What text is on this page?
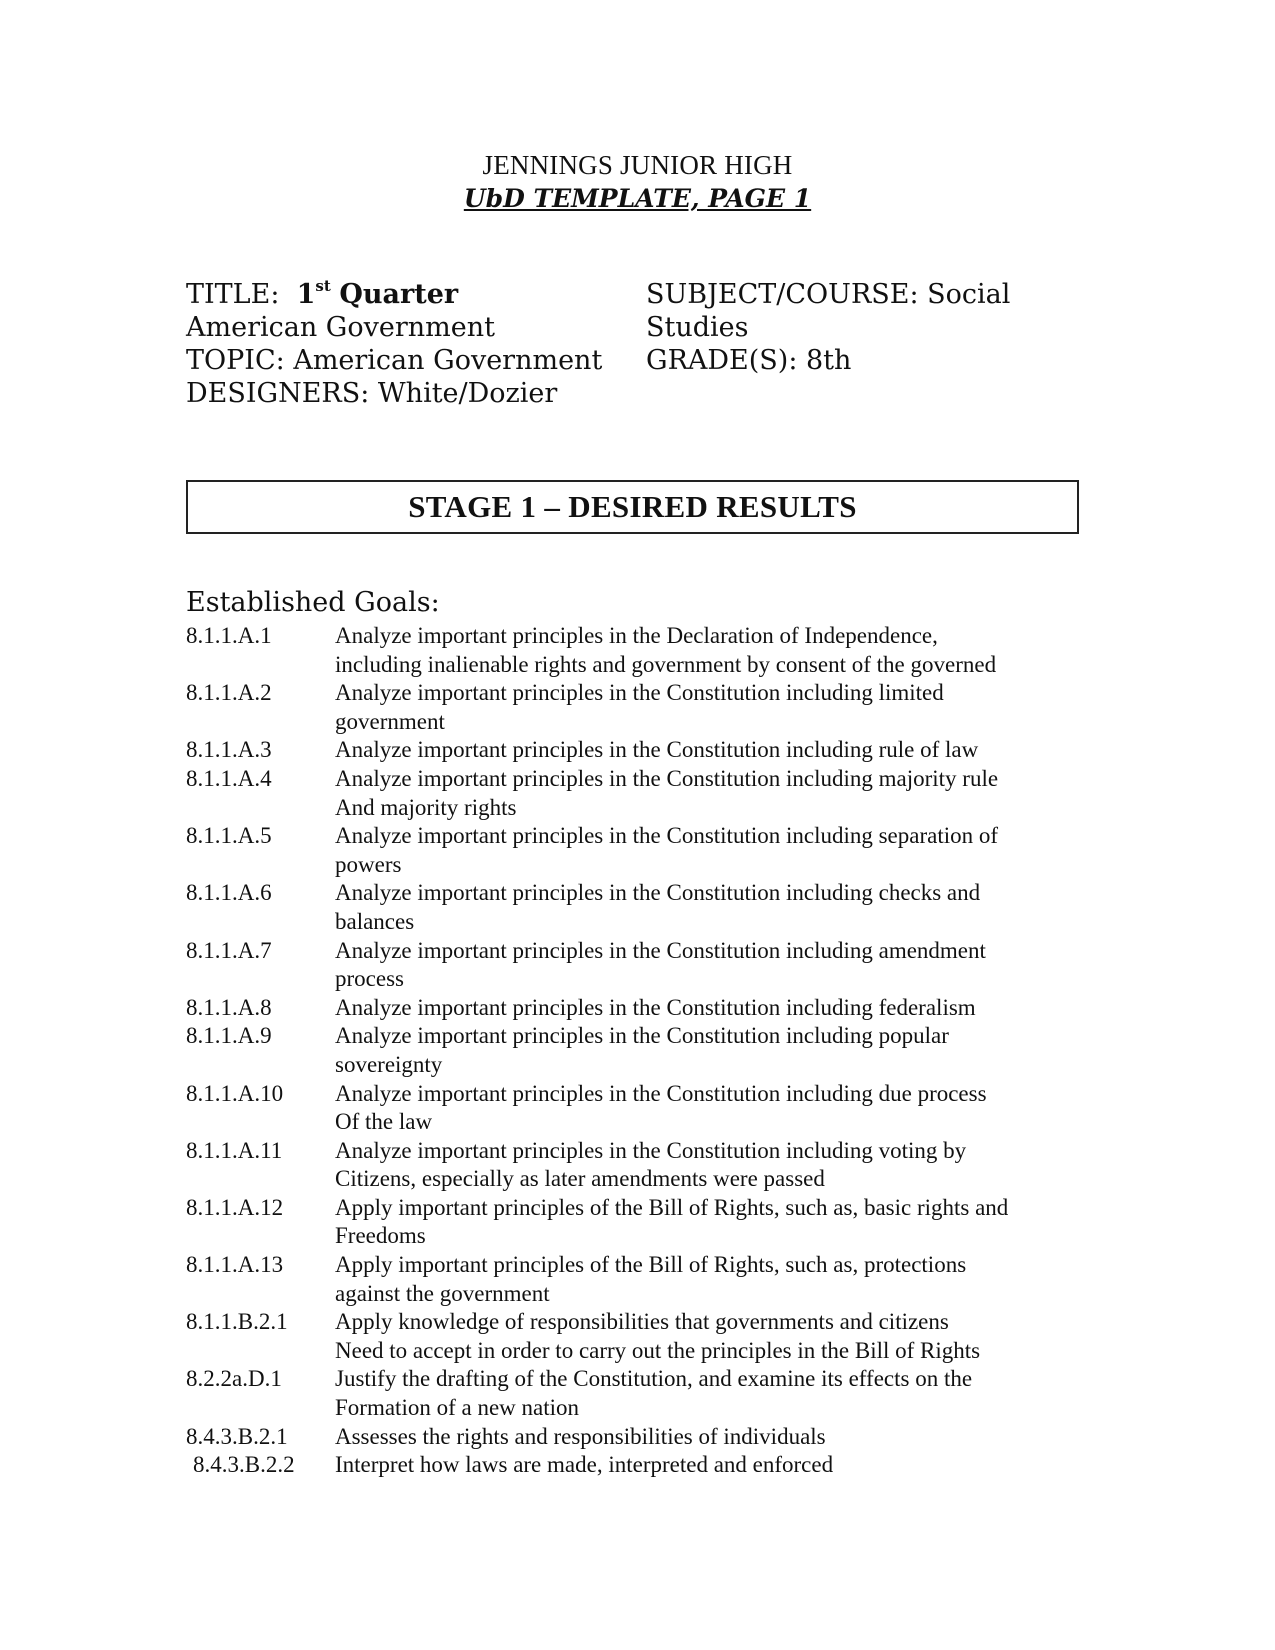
JENNINGS JUNIOR HIGH
UbD TEMPLATE, PAGE 1
TITLE: 1st Quarter
American Government
TOPIC: American Government
DESIGNERS: White/Dozier
SUBJECT/COURSE: Social
Studies
GRADE(S): 8th
STAGE 1 – DESIRED RESULTS
Established Goals:
8.1.1.A.1	Analyze important principles in the Declaration of Independence,
including inalienable rights and government by consent of the governed
8.1.1.A.2	Analyze important principles in the Constitution including limited
government
8.1.1.A.3	Analyze important principles in the Constitution including rule of law
8.1.1.A.4	Analyze important principles in the Constitution including majority rule
And majority rights
8.1.1.A.5	Analyze important principles in the Constitution including separation of
powers
8.1.1.A.6	Analyze important principles in the Constitution including checks and
balances
8.1.1.A.7	Analyze important principles in the Constitution including amendment
process
8.1.1.A.8	Analyze important principles in the Constitution including federalism
8.1.1.A.9	Analyze important principles in the Constitution including popular
sovereignty
8.1.1.A.10	Analyze important principles in the Constitution including due process
Of the law
8.1.1.A.11	Analyze important principles in the Constitution including voting by
Citizens, especially as later amendments were passed
8.1.1.A.12	Apply important principles of the Bill of Rights, such as, basic rights and
Freedoms
8.1.1.A.13	Apply important principles of the Bill of Rights, such as, protections
against the government
8.1.1.B.2.1	Apply knowledge of responsibilities that governments and citizens
Need to accept in order to carry out the principles in the Bill of Rights
8.2.2a.D.1	Justify the drafting of the Constitution, and examine its effects on the
Formation of a new nation
8.4.3.B.2.1	Assesses the rights and responsibilities of individuals
8.4.3.B.2.2	Interpret how laws are made, interpreted and enforced
